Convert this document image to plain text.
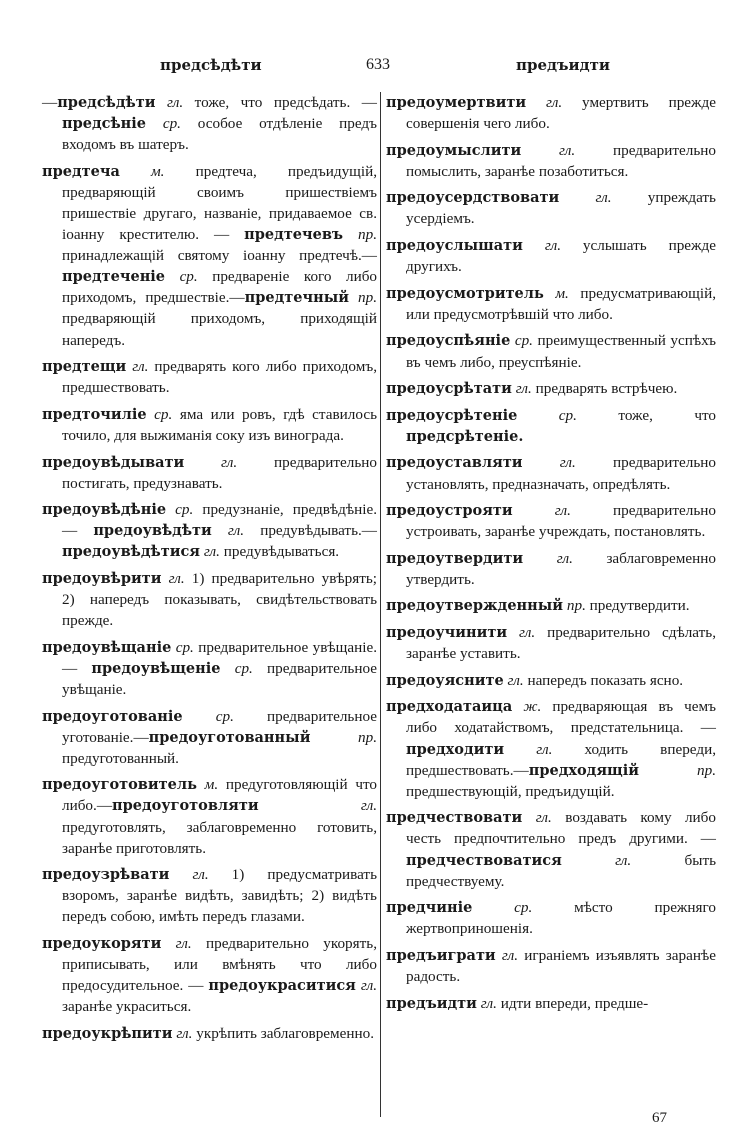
предсѣдѣти	633	предъидти

—предсѣдѣти гл. тоже, что предсѣдать. — предсѣніе ср. особое отдѣленіе предъ входомъ въ шатеръ.

предтеча м. предтеча, предъидущій, предваряющій своимъ пришествіемъ пришествіе другаго, названіе, придаваемое св. іоанну крестителю. — предтечевъ пр. принадлежащій святому іоанну предтечѣ.—предтеченіе ср. предвареніе кого либо приходомъ, предшествіе.—предтечный пр. предваряющій приходомъ, приходящій напередъ.

предтещи гл. предварять кого либо приходомъ, предшествовать.

предточиліе ср. яма или ровъ, гдѣ ставилось точило, для выжиманія соку изъ винограда.

предоувѣдывати гл. предварительно постигать, предузнавать.

предоувѣдѣніе ср. предузнаніе, предвѣдѣніе. — предоувѣдѣти гл. предувѣдывать.—предоувѣдѣтися гл. предувѣдываться.

предоувѣрити гл. 1) предварительно увѣрять; 2) напередъ показывать, свидѣтельствовать прежде.

предоувѣщаніе ср. предварительное увѣщаніе. — предоувѣщеніе ср. предварительное увѣщаніе.

предоуготованіе ср. предварительное уготованіе.—предоуготованный	пр. предуготованный.

предоуготовитель м. предуготовляющій что либо.—предоуготовляти	гл. предуготовлять, заблаговременно готовить, заранѣе приготовлять.

предоузрѣвати гл. 1) предусматривать взоромъ, заранѣе видѣть, завидѣть; 2) видѣть передъ собою, имѣть передъ глазами.

предоукоряти гл. предварительно укорять, приписывать, или вмѣнять что либо предосудительное. — предоукраситися гл. заранѣе украситься.

предоукрѣпити гл. укрѣпить заблаговременно.

предоумертвити гл. умертвить прежде совершенія чего либо.

предоумыслити гл. предварительно помыслить, заранѣе позаботиться.

предоусердствовати гл. упреждать усердіемъ.

предоуслышати гл. услышать прежде другихъ.

предоусмотритель м. предусматривающій, или предусмотрѣвшій что либо.

предоуспѣяніе ср. преимущественный успѣхъ въ чемъ либо, преуспѣяніе.

предоусрѣтати гл. предварять встрѣчею.

предоусрѣтеніе	ср. тоже, что предсрѣтеніе.

предоуставляти гл. предварительно установлять, предназначать, опредѣлять.

предоустрояти	гл. предварительно устроивать, заранѣе учреждать, постановлять.

предоутвердити гл. заблаговременно утвердить.

предоутвержденный пр. предутвердити.

предоучинити гл. предварительно сдѣлать, заранѣе уставить.

предоуясните гл. напередъ показать ясно.

предходатаица ж. предваряющая въ чемъ либо ходатайствомъ, предстательница. — предходити гл. ходить впереди, предшествовать.—предходящій	пр. предшествующій, предъидущій.

предчествовати гл. воздавать кому либо честь предпочтительно предъ другими. — предчествоватися	гл. быть предчествуему.

предчиніе	ср. мѣсто прежняго жертвоприношенія.

предъиграти гл. играніемъ изъявлять заранѣе радость.

предъидти гл. идти впереди, предше-

67
